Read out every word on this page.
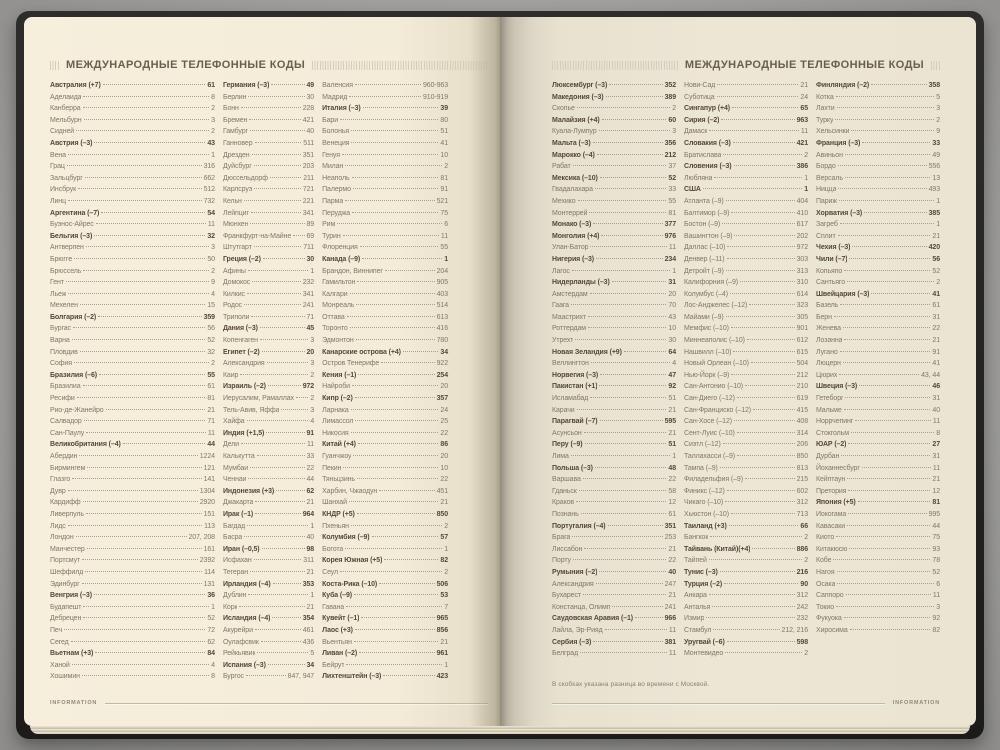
МЕЖДУНАРОДНЫЕ ТЕЛЕФОННЫЕ КОДЫ
Австралия (+7)	61
Аделаида	8
Канберра	2
Мельбурн	3
Сидней	2
Австрия (–3)	43
Вена	1
Грац	316
Зальцбург	662
Инсбрук	512
Линц	732
Аргентина (–7)	54
Буэнос-Айрес	11
Бельгия (–3)	32
Антверпен	3
Брюгге	50
Брюссель	2
Гент	9
Льеж	4
Мехелен	15
Болгария (–2)	359
Бургас	56
Варна	52
Пловдив	32
София	2
Бразилия (–6)	55
Бразилиа	61
Ресифи	81
Рио-де-Жанейро	21
Салвадор	71
Сан-Паулу	11
Великобритания (–4)	44
Абердин	1224
Бирмингем	121
Глазго	141
Дувр	1304
Кардифф	2920
Ливерпуль	151
Лидс	113
Лондон	207, 208
Манчестер	161
Портсмут	2392
Шеффилд	114
Эдинбург	131
Венгрия (–3)	36
Будапешт	1
Дебрецен	52
Печ	72
Сегед	62
Вьетнам (+3)	84
Ханой	4
Хошимин	8
Германия (–3)	49
Берлин	30
Бонн	228
Бремен	421
Гамбург	40
Ганновер	511
Дрезден	351
Дуйсбург	203
Дюссельдорф	211
Карлсруэ	721
Кельн	221
Лейпциг	341
Мюнхен	89
Франкфурт-на-Майне 69
Штутгарт	711
Греция (–2)	30
Афины	1
Домокос	232
Килкис	341
Родос	241
Триполи	71
Дания (–3)	45
Копенгаген	3
Египет (–2)	20
Александрия	3
Каир	2
Израиль (–2)	972
Иерусалим, Рамаллах 2
Тель-Авив, Яффа	3
Хайфа	4
Индия (+1,5)	91
Дели	11
Калькутта	33
Мумбаи	22
Ченнаи	44
Индонезия (+3)	62
Джакарта	21
Ирак (–1)	964
Багдад	1
Басра	40
Иран (–0,5)	98
Исфахан	311
Тегеран	21
Ирландия (–4)	353
Дублин	1
Корк	21
Исландия (–4)	354
Акурейри	461
Оулафсвик	436
Рейкьявик	5
Испания (–3)	34
Бургос	847, 947
Валенсия	960-963
Мадрид	910-919
Италия (–3)	39
Бари	80
Болонья	51
Венеция	41
Генуя	10
Милан	2
Неаполь	81
Палермо	91
Парма	521
Перуджа	75
Рим	6
Турин	11
Флоренция	55
Канада (–9)	1
Брандон, Виннипег	204
Гамильтон	905
Калгари	403
Монреаль	514
Оттава	613
Торонто	416
Эдмонтон	780
Канарские острова (+4)	34
Остров Тенерифе	922
Кения (–1)	254
Найроби	20
Кипр (–2)	357
Ларнака	24
Лимассол	25
Никосия	22
Китай (+4)	86
Гуанчжоу	20
Пекин	10
Тяньцзинь	22
Харбин, Чжаодун	451
Шанхай	21
КНДР (+5)	850
Пхеньян	2
Колумбия (–9)	57
Богота	1
Корея Южная (+5)	82
Сеул	2
Коста-Рика (–10)	506
Куба (–9)	53
Гавана	7
Кувейт (–1)	965
Лаос (+3)	856
Вьентьян	21
Ливан (–2)	961
Бейрут	1
Лихтенштейн (–3)	423
INFORMATION
МЕЖДУНАРОДНЫЕ ТЕЛЕФОННЫЕ КОДЫ
Люксембург (–3)	352
Македония (–3)	389
Скопье	2
Малайзия (+4)	60
Куала-Лумпур	3
Мальта (–3)	356
Марокко (–4)	212
Рабат	37
Мексика (–10)	52
Гвадалахара	33
Мехико	55
Монтеррей	81
Монако (–3)	377
Монголия (+4)	976
Улан-Батор	11
Нигерия (–3)	234
Лагос	1
Нидерланды (–3)	31
Амстердам	20
Гаага	70
Маастрихт	43
Роттердам	10
Утрехт	30
Новая Зеландия (+9)	64
Веллингтон	4
Норвегия (–3)	47
Пакистан (+1)	92
Исламабад	51
Карачи	21
Парагвай (–7)	595
Асунсьон	21
Перу (–9)	51
Лима	1
Польша (–3)	48
Варшава	22
Гданьск	58
Краков	12
Познань	61
Португалия (–4)	351
Брага	253
Лиссабон	21
Порту	22
Румыния (–2)	40
Александрия	247
Бухарест	21
Констанца, Олимп	241
Саудовская Аравия (–1)	966
Лайла, Эр-Рияд	11
Сербия (–3)	381
Белград	11
Нови-Сад	21
Суботица	24
Сингапур (+4)	65
Сирия (–2)	963
Дамаск	11
Словакия (–3)	421
Братислава	2
Словения (–3)	386
Любляна	1
США	1
Атланта (–9)	404
Балтимор (–9)	410
Бостон (–9)	617
Вашингтон (–9)	202
Даллас (–10)	972
Денвер (–11)	303
Детройт (–9)	313
Калифорния (–9)	310
Колумбус (–4)	614
Лос-Анджелес (–12)	323
Майами (–9)	305
Мемфис (–10)	901
Миннеаполис (–10)	612
Нашвилл (–10)	615
Новый Орлеан (–10)	504
Нью-Йорк (–9)	212
Сан-Антонио (–10)	210
Сан-Диего (–12)	619
Сан-Франциско (–12)	415
Сан-Хосе (–12)	408
Сент-Луис (–10)	314
Сиэтл (–12)	206
Таллахасси (–9)	850
Тампа (–9)	813
Филадельфия (–9)	215
Финикс (–12)	602
Чикаго (–10)	312
Хьюстон (–10)	713
Таиланд (+3)	66
Бангкок	2
Тайвань (Китай)(+4)	886
Тайпей	2
Тунис (–3)	216
Турция (–2)	90
Анкара	312
Анталья	242
Измир	232
Стамбул	212, 216
Уругвай (–6)	598
Монтевидео	2
Финляндия (–2)	358
Котка	5
Лахти	3
Турку	2
Хельсинки	9
Франция (–3)	33
Авиньон	49
Бордо	556
Версаль	13
Ницца	493
Париж	1
Хорватия (–3)	385
Загреб	1
Сплит	21
Чехия (–3)	420
Чили (–7)	56
Копьяпо	52
Сантьяго	2
Швейцария (–3)	41
Базель	61
Берн	31
Женева	22
Лозанна	21
Лугано	91
Люцерн	41
Цюрих	43, 44
Швеция (–3)	46
Гетеборг	31
Мальме	40
Норрчепинг	11
Стокгольм	8
ЮАР (–2)	27
Дурбан	31
Йоханнесбург	11
Кейптаун	21
Претория	12
Япония (+5)	81
Иокогама	995
Кавасаки	44
Киото	75
Китакюсю	93
Кобе	78
Нагоя	52
Осака	6
Саппоро	11
Токио	3
Фукуока	92
Хиросима	82
В скобках указана разница во времени с Москвой.
INFORMATION
